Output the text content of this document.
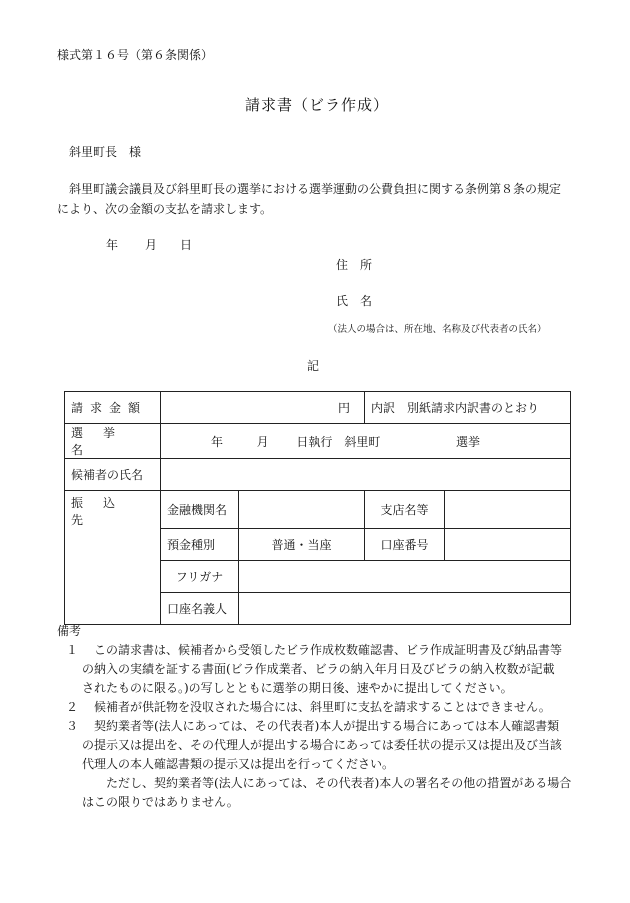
様式第１６号（第６条関係）
請求書（ビラ作成）
斜里町長　様
斜里町議会議員及び斜里町長の選挙における選挙運動の公費負担に関する条例第８条の規定
により、次の金額の支払を請求します。
年 月 日
住　所
氏　名
（法人の場合は、所在地、名称及び代表者の氏名）
記
請求金額	円		内訳　別紙請求内訳書のとおり	
選挙名	年 月 日執行　斜里町 選挙			
候補者の氏名				
振込先	金融機関名		支店名等	
	預金種別	普通・当座	口座番号	
	フリガナ			
	口座名義人			
備考
１	この請求書は、候補者から受領したビラ作成枚数確認書、ビラ作成証明書及び納品書等
の納入の実績を証する書面(ビラ作成業者、ビラの納入年月日及びビラの納入枚数が記載
されたものに限る。)の写しとともに選挙の期日後、速やかに提出してください。
２	候補者が供託物を没収された場合には、斜里町に支払を請求することはできません。
３	契約業者等(法人にあっては、その代表者)本人が提出する場合にあっては本人確認書類
の提示又は提出を、その代理人が提出する場合にあっては委任状の提示又は提出及び当該
代理人の本人確認書類の提示又は提出を行ってください。
ただし、契約業者等(法人にあっては、その代表者)本人の署名その他の措置がある場合
はこの限りではありません。
